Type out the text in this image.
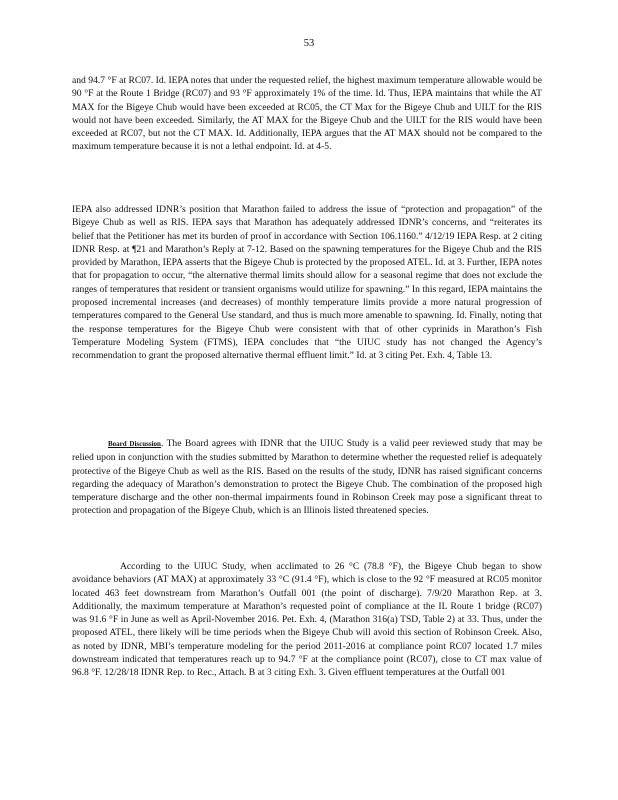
53

and 94.7 °F at RC07. Id. IEPA notes that under the requested relief, the highest maximum temperature allowable would be 90 °F at the Route 1 Bridge (RC07) and 93 °F approximately 1% of the time. Id. Thus, IEPA maintains that while the AT MAX for the Bigeye Chub would have been exceeded at RC05, the CT Max for the Bigeye Chub and UILT for the RIS would not have been exceeded. Similarly, the AT MAX for the Bigeye Chub and the UILT for the RIS would have been exceeded at RC07, but not the CT MAX. Id. Additionally, IEPA argues that the AT MAX should not be compared to the maximum temperature because it is not a lethal endpoint. Id. at 4-5.

IEPA also addressed IDNR’s position that Marathon failed to address the issue of “protection and propagation” of the Bigeye Chub as well as RIS. IEPA says that Marathon has adequately addressed IDNR’s concerns, and “reiterates its belief that the Petitioner has met its burden of proof in accordance with Section 106.1160.” 4/12/19 IEPA Resp. at 2 citing IDNR Resp. at ¶21 and Marathon’s Reply at 7-12. Based on the spawning temperatures for the Bigeye Chub and the RIS provided by Marathon, IEPA asserts that the Bigeye Chub is protected by the proposed ATEL. Id. at 3. Further, IEPA notes that for propagation to occur, “the alternative thermal limits should allow for a seasonal regime that does not exclude the ranges of temperatures that resident or transient organisms would utilize for spawning.” In this regard, IEPA maintains the proposed incremental increases (and decreases) of monthly temperature limits provide a more natural progression of temperatures compared to the General Use standard, and thus is much more amenable to spawning. Id. Finally, noting that the response temperatures for the Bigeye Chub were consistent with that of other cyprinids in Marathon’s Fish Temperature Modeling System (FTMS), IEPA concludes that “the UIUC study has not changed the Agency’s recommendation to grant the proposed alternative thermal effluent limit.” Id. at 3 citing Pet. Exh. 4, Table 13.

Board Discussion. The Board agrees with IDNR that the UIUC Study is a valid peer reviewed study that may be relied upon in conjunction with the studies submitted by Marathon to determine whether the requested relief is adequately protective of the Bigeye Chub as well as the RIS. Based on the results of the study, IDNR has raised significant concerns regarding the adequacy of Marathon’s demonstration to protect the Bigeye Chub. The combination of the proposed high temperature discharge and the other non-thermal impairments found in Robinson Creek may pose a significant threat to protection and propagation of the Bigeye Chub, which is an Illinois listed threatened species.

According to the UIUC Study, when acclimated to 26 °C (78.8 °F), the Bigeye Chub began to show avoidance behaviors (AT MAX) at approximately 33 °C (91.4 °F), which is close to the 92 °F measured at RC05 monitor located 463 feet downstream from Marathon’s Outfall 001 (the point of discharge). 7/9/20 Marathon Rep. at 3. Additionally, the maximum temperature at Marathon’s requested point of compliance at the IL Route 1 bridge (RC07) was 91.6 °F in June as well as April-November 2016. Pet. Exh. 4, (Marathon 316(a) TSD, Table 2) at 33. Thus, under the proposed ATEL, there likely will be time periods when the Bigeye Chub will avoid this section of Robinson Creek. Also, as noted by IDNR, MBI’s temperature modeling for the period 2011-2016 at compliance point RC07 located 1.7 miles downstream indicated that temperatures reach up to 94.7 °F at the compliance point (RC07), close to CT max value of 96.8 °F. 12/28/18 IDNR Rep. to Rec., Attach. B at 3 citing Exh. 3. Given effluent temperatures at the Outfall 001
